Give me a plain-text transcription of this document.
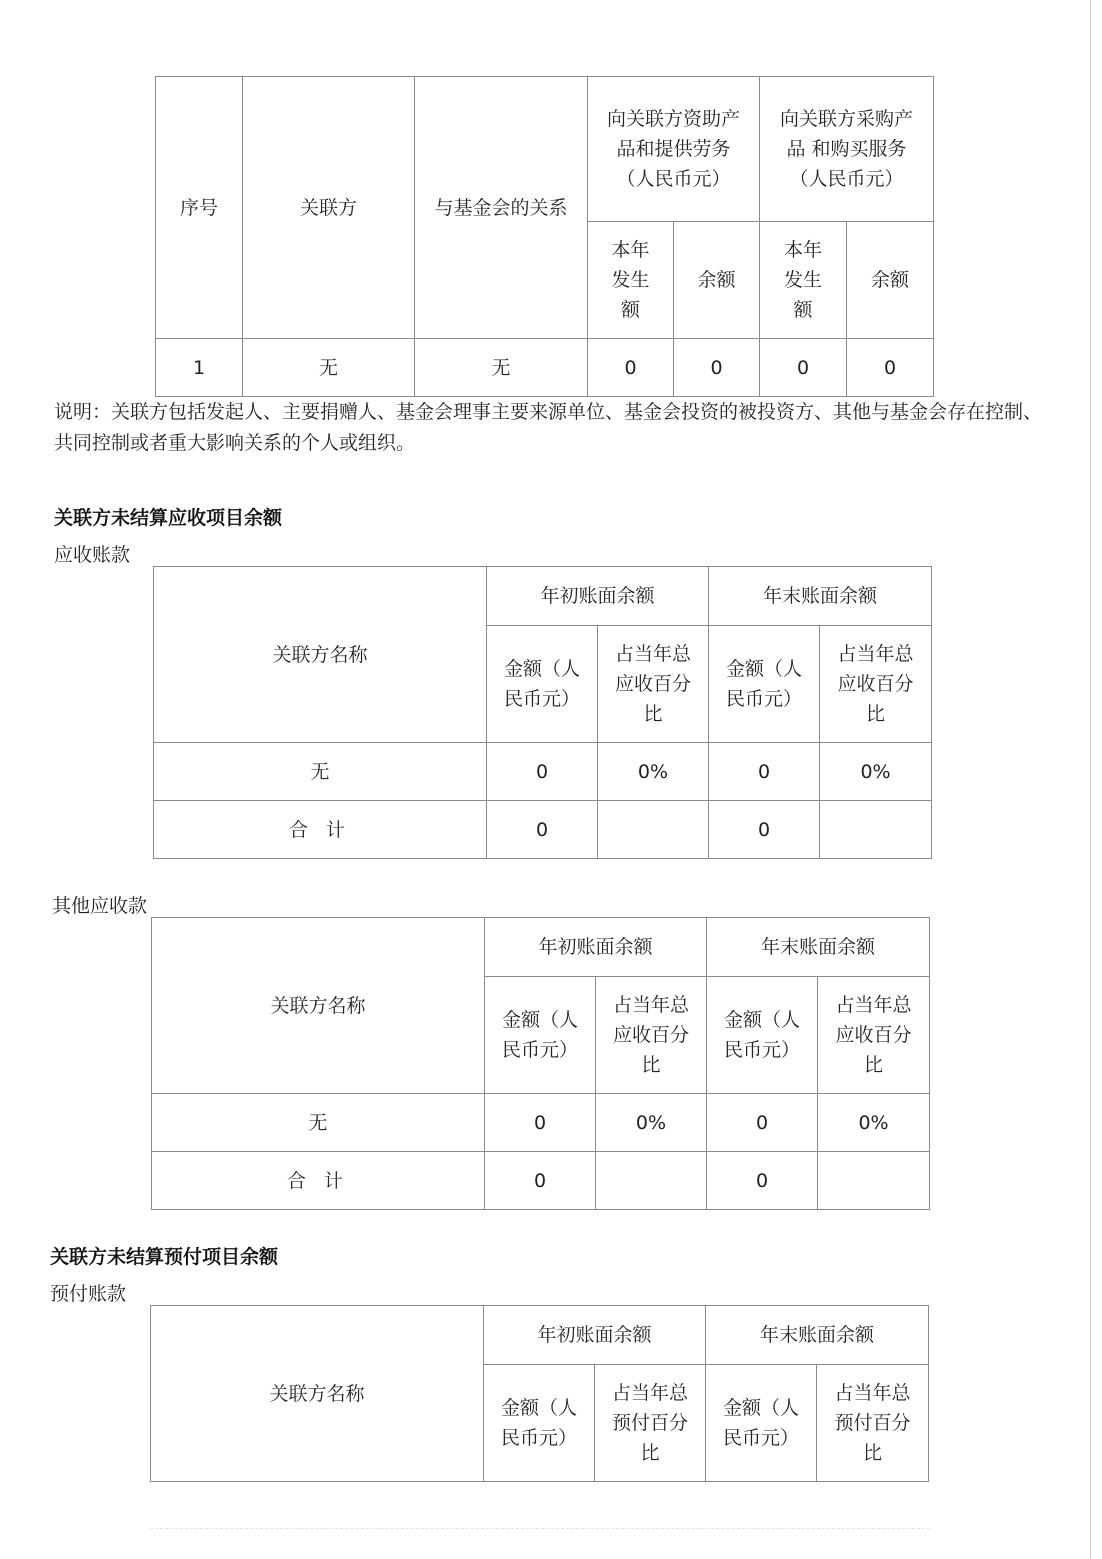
序号	关联方	与基金会的关系	向关联方资助产品和提供劳务（人民币元）		向关联方采购产品 和购买服务（人民币元）	
			本年发生额	余额	本年发生额	余额
1	无	无	0	0	0	0
说明：关联方包括发起人、主要捐赠人、基金会理事主要来源单位、基金会投资的被投资方、其他与基金会存在控制、共同控制或者重大影响关系的个人或组织。
关联方未结算应收项目余额
应收账款
关联方名称	年初账面余额		年末账面余额	
	金额（人民币元）	占当年总应收百分比	金额（人民币元）	占当年总应收百分比
无	0	0%	0	0%
合 计	0		0	
其他应收款
关联方名称	年初账面余额		年末账面余额	
	金额（人民币元）	占当年总应收百分比	金额（人民币元）	占当年总应收百分比
无	0	0%	0	0%
合 计	0		0	
关联方未结算预付项目余额
预付账款
关联方名称	年初账面余额		年末账面余额	
	金额（人民币元）	占当年总预付百分比	金额（人民币元）	占当年总预付百分比
